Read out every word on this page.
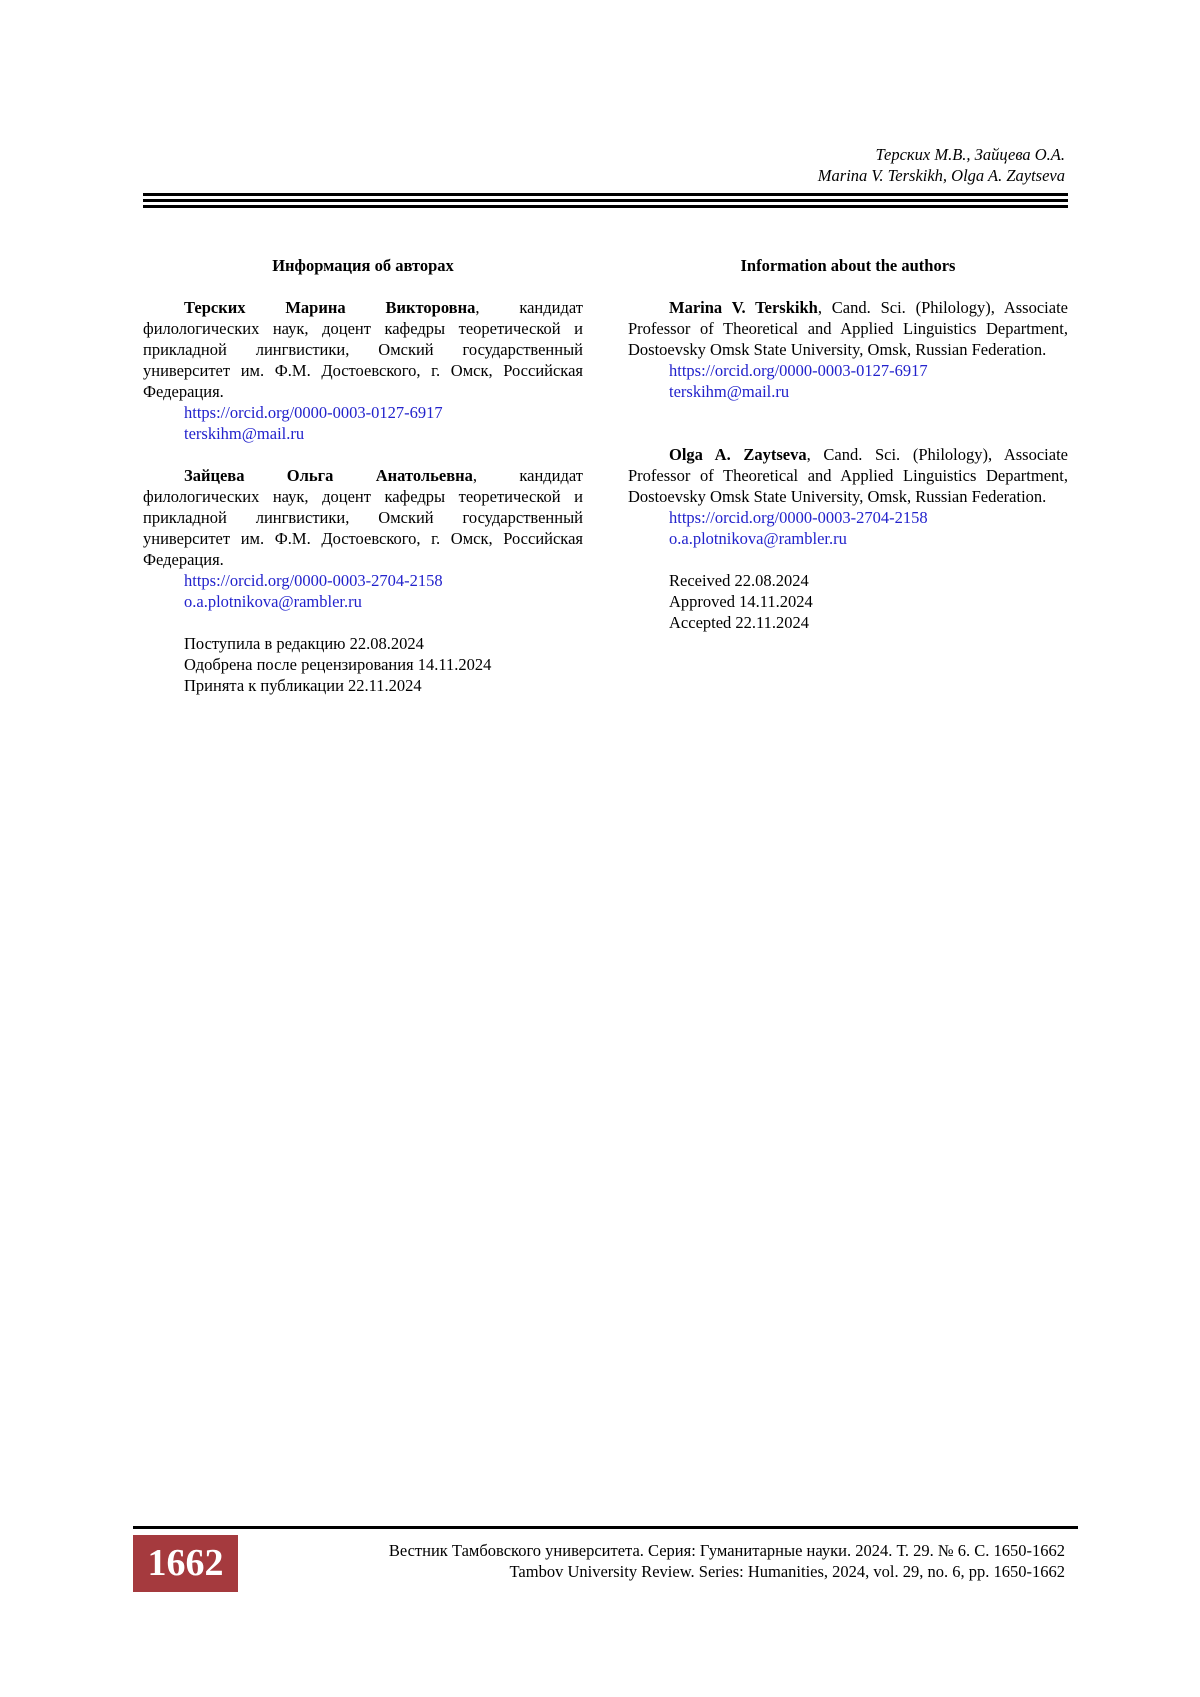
Терских М.В., Зайцева О.А.
Marina V. Terskikh, Olga A. Zaytseva
Информация об авторах

Терских Марина Викторовна, кандидат филологических наук, доцент кафедры теоретической и прикладной лингвистики, Омский государственный университет им. Ф.М. Достоевского, г. Омск, Российская Федерация.

https://orcid.org/0000-0003-0127-6917
terskihm@mail.ru

Зайцева Ольга Анатольевна, кандидат филологических наук, доцент кафедры теоретической и прикладной лингвистики, Омский государственный университет им. Ф.М. Достоевского, г. Омск, Российская Федерация.

https://orcid.org/0000-0003-2704-2158
o.a.plotnikova@rambler.ru
Поступила в редакцию 22.08.2024
Одобрена после рецензирования 14.11.2024
Принята к публикации 22.11.2024
Information about the authors

Marina V. Terskikh, Cand. Sci. (Philology), Associate Professor of Theoretical and Applied Linguistics Department, Dostoevsky Omsk State University, Omsk, Russian Federation.

https://orcid.org/0000-0003-0127-6917
terskihm@mail.ru

Olga A. Zaytseva, Cand. Sci. (Philology), Associate Professor of Theoretical and Applied Linguistics Department, Dostoevsky Omsk State University, Omsk, Russian Federation.

https://orcid.org/0000-0003-2704-2158
o.a.plotnikova@rambler.ru
Received 22.08.2024
Approved 14.11.2024
Accepted 22.11.2024
1662	Вестник Тамбовского университета. Серия: Гуманитарные науки. 2024. Т. 29. № 6. С. 1650-1662
Tambov University Review. Series: Humanities, 2024, vol. 29, no. 6, pp. 1650-1662
